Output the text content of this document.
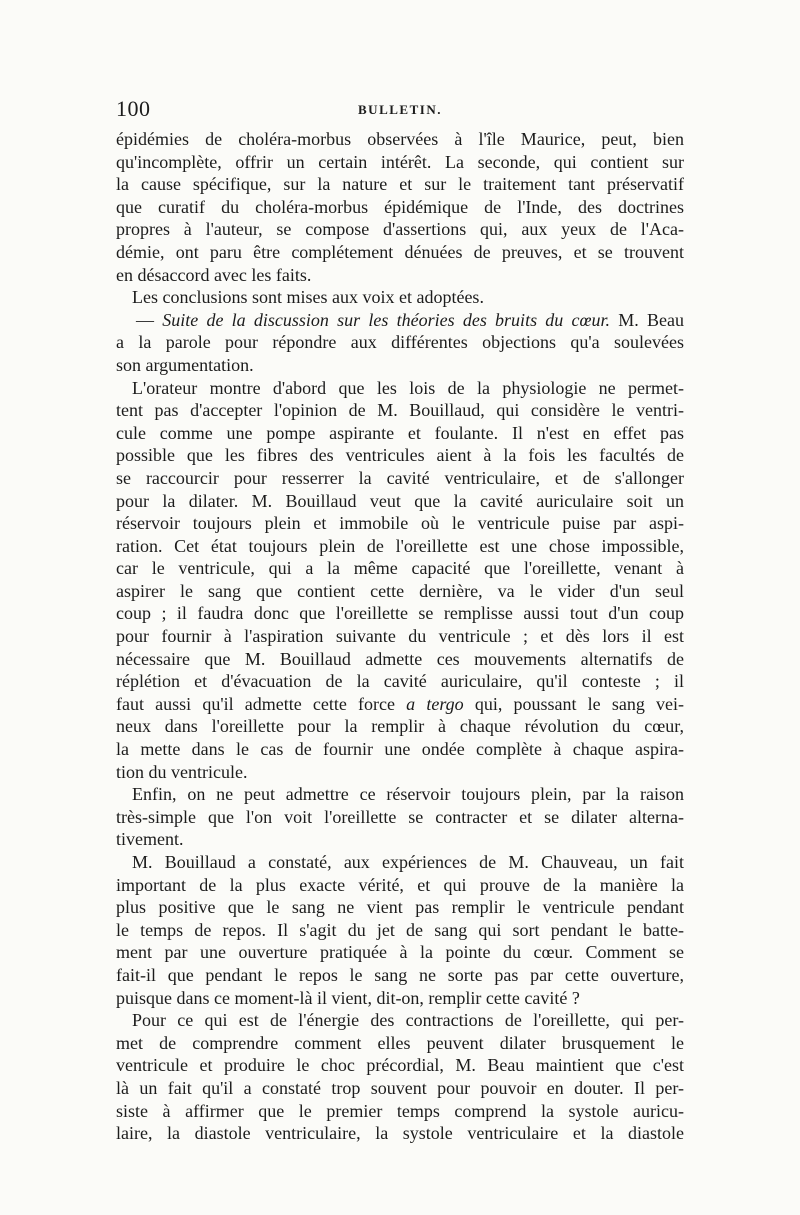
100	BULLETIN.
épidémies de choléra-morbus observées à l'île Maurice, peut, bien
qu'incomplète, offrir un certain intérêt. La seconde, qui contient sur
la cause spécifique, sur la nature et sur le traitement tant préservatif
que curatif du choléra-morbus épidémique de l'Inde, des doctrines
propres à l'auteur, se compose d'assertions qui, aux yeux de l'Aca-
démie, ont paru être complétement dénuées de preuves, et se trouvent
en désaccord avec les faits.
Les conclusions sont mises aux voix et adoptées.
— Suite de la discussion sur les théories des bruits du cœur. M. Beau
a la parole pour répondre aux différentes objections qu'a soulevées
son argumentation.
L'orateur montre d'abord que les lois de la physiologie ne permet-
tent pas d'accepter l'opinion de M. Bouillaud, qui considère le ventri-
cule comme une pompe aspirante et foulante. Il n'est en effet pas
possible que les fibres des ventricules aient à la fois les facultés de
se raccourcir pour resserrer la cavité ventriculaire, et de s'allonger
pour la dilater. M. Bouillaud veut que la cavité auriculaire soit un
réservoir toujours plein et immobile où le ventricule puise par aspi-
ration. Cet état toujours plein de l'oreillette est une chose impossible,
car le ventricule, qui a la même capacité que l'oreillette, venant à
aspirer le sang que contient cette dernière, va le vider d'un seul
coup ; il faudra donc que l'oreillette se remplisse aussi tout d'un coup
pour fournir à l'aspiration suivante du ventricule ; et dès lors il est
nécessaire que M. Bouillaud admette ces mouvements alternatifs de
réplétion et d'évacuation de la cavité auriculaire, qu'il conteste ; il
faut aussi qu'il admette cette force a tergo qui, poussant le sang vei-
neux dans l'oreillette pour la remplir à chaque révolution du cœur,
la mette dans le cas de fournir une ondée complète à chaque aspira-
tion du ventricule.
Enfin, on ne peut admettre ce réservoir toujours plein, par la raison
très-simple que l'on voit l'oreillette se contracter et se dilater alterna-
tivement.
M. Bouillaud a constaté, aux expériences de M. Chauveau, un fait
important de la plus exacte vérité, et qui prouve de la manière la
plus positive que le sang ne vient pas remplir le ventricule pendant
le temps de repos. Il s'agit du jet de sang qui sort pendant le batte-
ment par une ouverture pratiquée à la pointe du cœur. Comment se
fait-il que pendant le repos le sang ne sorte pas par cette ouverture,
puisque dans ce moment-là il vient, dit-on, remplir cette cavité ?
Pour ce qui est de l'énergie des contractions de l'oreillette, qui per-
met de comprendre comment elles peuvent dilater brusquement le
ventricule et produire le choc précordial, M. Beau maintient que c'est
là un fait qu'il a constaté trop souvent pour pouvoir en douter. Il per-
siste à affirmer que le premier temps comprend la systole auricu-
laire, la diastole ventriculaire, la systole ventriculaire et la diastole
